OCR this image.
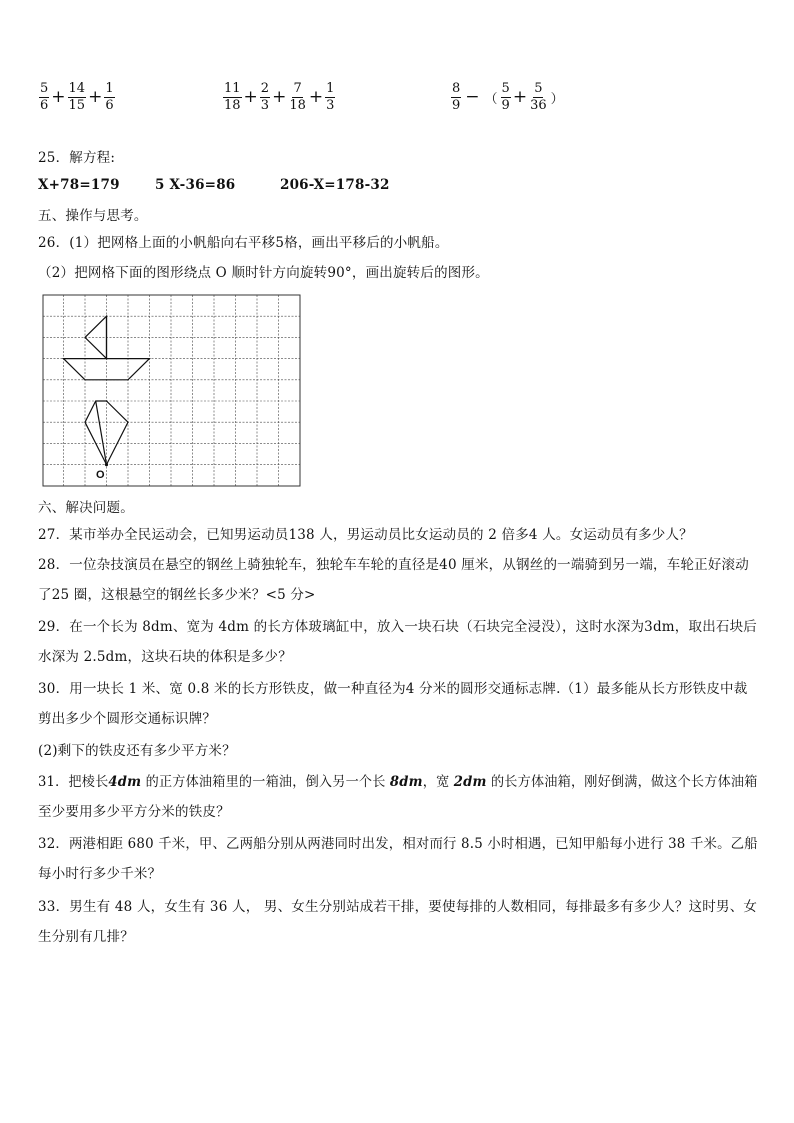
$\frac{5}{6} + \frac{14}{15} + \frac{1}{6}$	$\frac{11}{18} + \frac{2}{3} + \frac{7}{18} + \frac{1}{3}$	$\frac{8}{9}$ − （ $\frac{5}{9} + \frac{5}{36}$ ）
25．解方程:
X+78=179	5 X-36=86	206-X=178-32
五、操作与思考。
26．(1）把网格上面的小帆船向右平移5格，画出平移后的小帆船。
（2）把网格下面的图形绕点 O 顺时针方向旋转90°，画出旋转后的图形。
O
六、解决问题。
27．某市举办全民运动会，已知男运动员138 人，男运动员比女运动员的 2 倍多4 人。女运动员有多少人？
28．一位杂技演员在悬空的钢丝上骑独轮车，独轮车车轮的直径是40 厘米，从钢丝的一端骑到另一端，车轮正好滚动
了25 圈，这根悬空的钢丝长多少米？<5 分>
29．在一个长为 8dm、宽为 4dm 的长方体玻璃缸中，放入一块石块（石块完全浸没），这时水深为3dm，取出石块后
水深为 2.5dm，这块石块的体积是多少？
30．用一块长 1 米、宽 0.8 米的长方形铁皮，做一种直径为4 分米的圆形交通标志牌.（1）最多能从长方形铁皮中裁
剪出多少个圆形交通标识牌？
(2)剩下的铁皮还有多少平方米？
31．把棱长4dm 的正方体油箱里的一箱油，倒入另一个长 8dm，宽 2dm 的长方体油箱，刚好倒满，做这个长方体油箱
至少要用多少平方分米的铁皮？
32．两港相距 680 千米，甲、乙两船分别从两港同时出发，相对而行 8.5 小时相遇，已知甲船每小进行 38 千米。乙船
每小时行多少千米？
33．男生有 48 人，女生有 36 人， 男、女生分别站成若干排，要使每排的人数相同，每排最多有多少人？这时男、女
生分别有几排？
